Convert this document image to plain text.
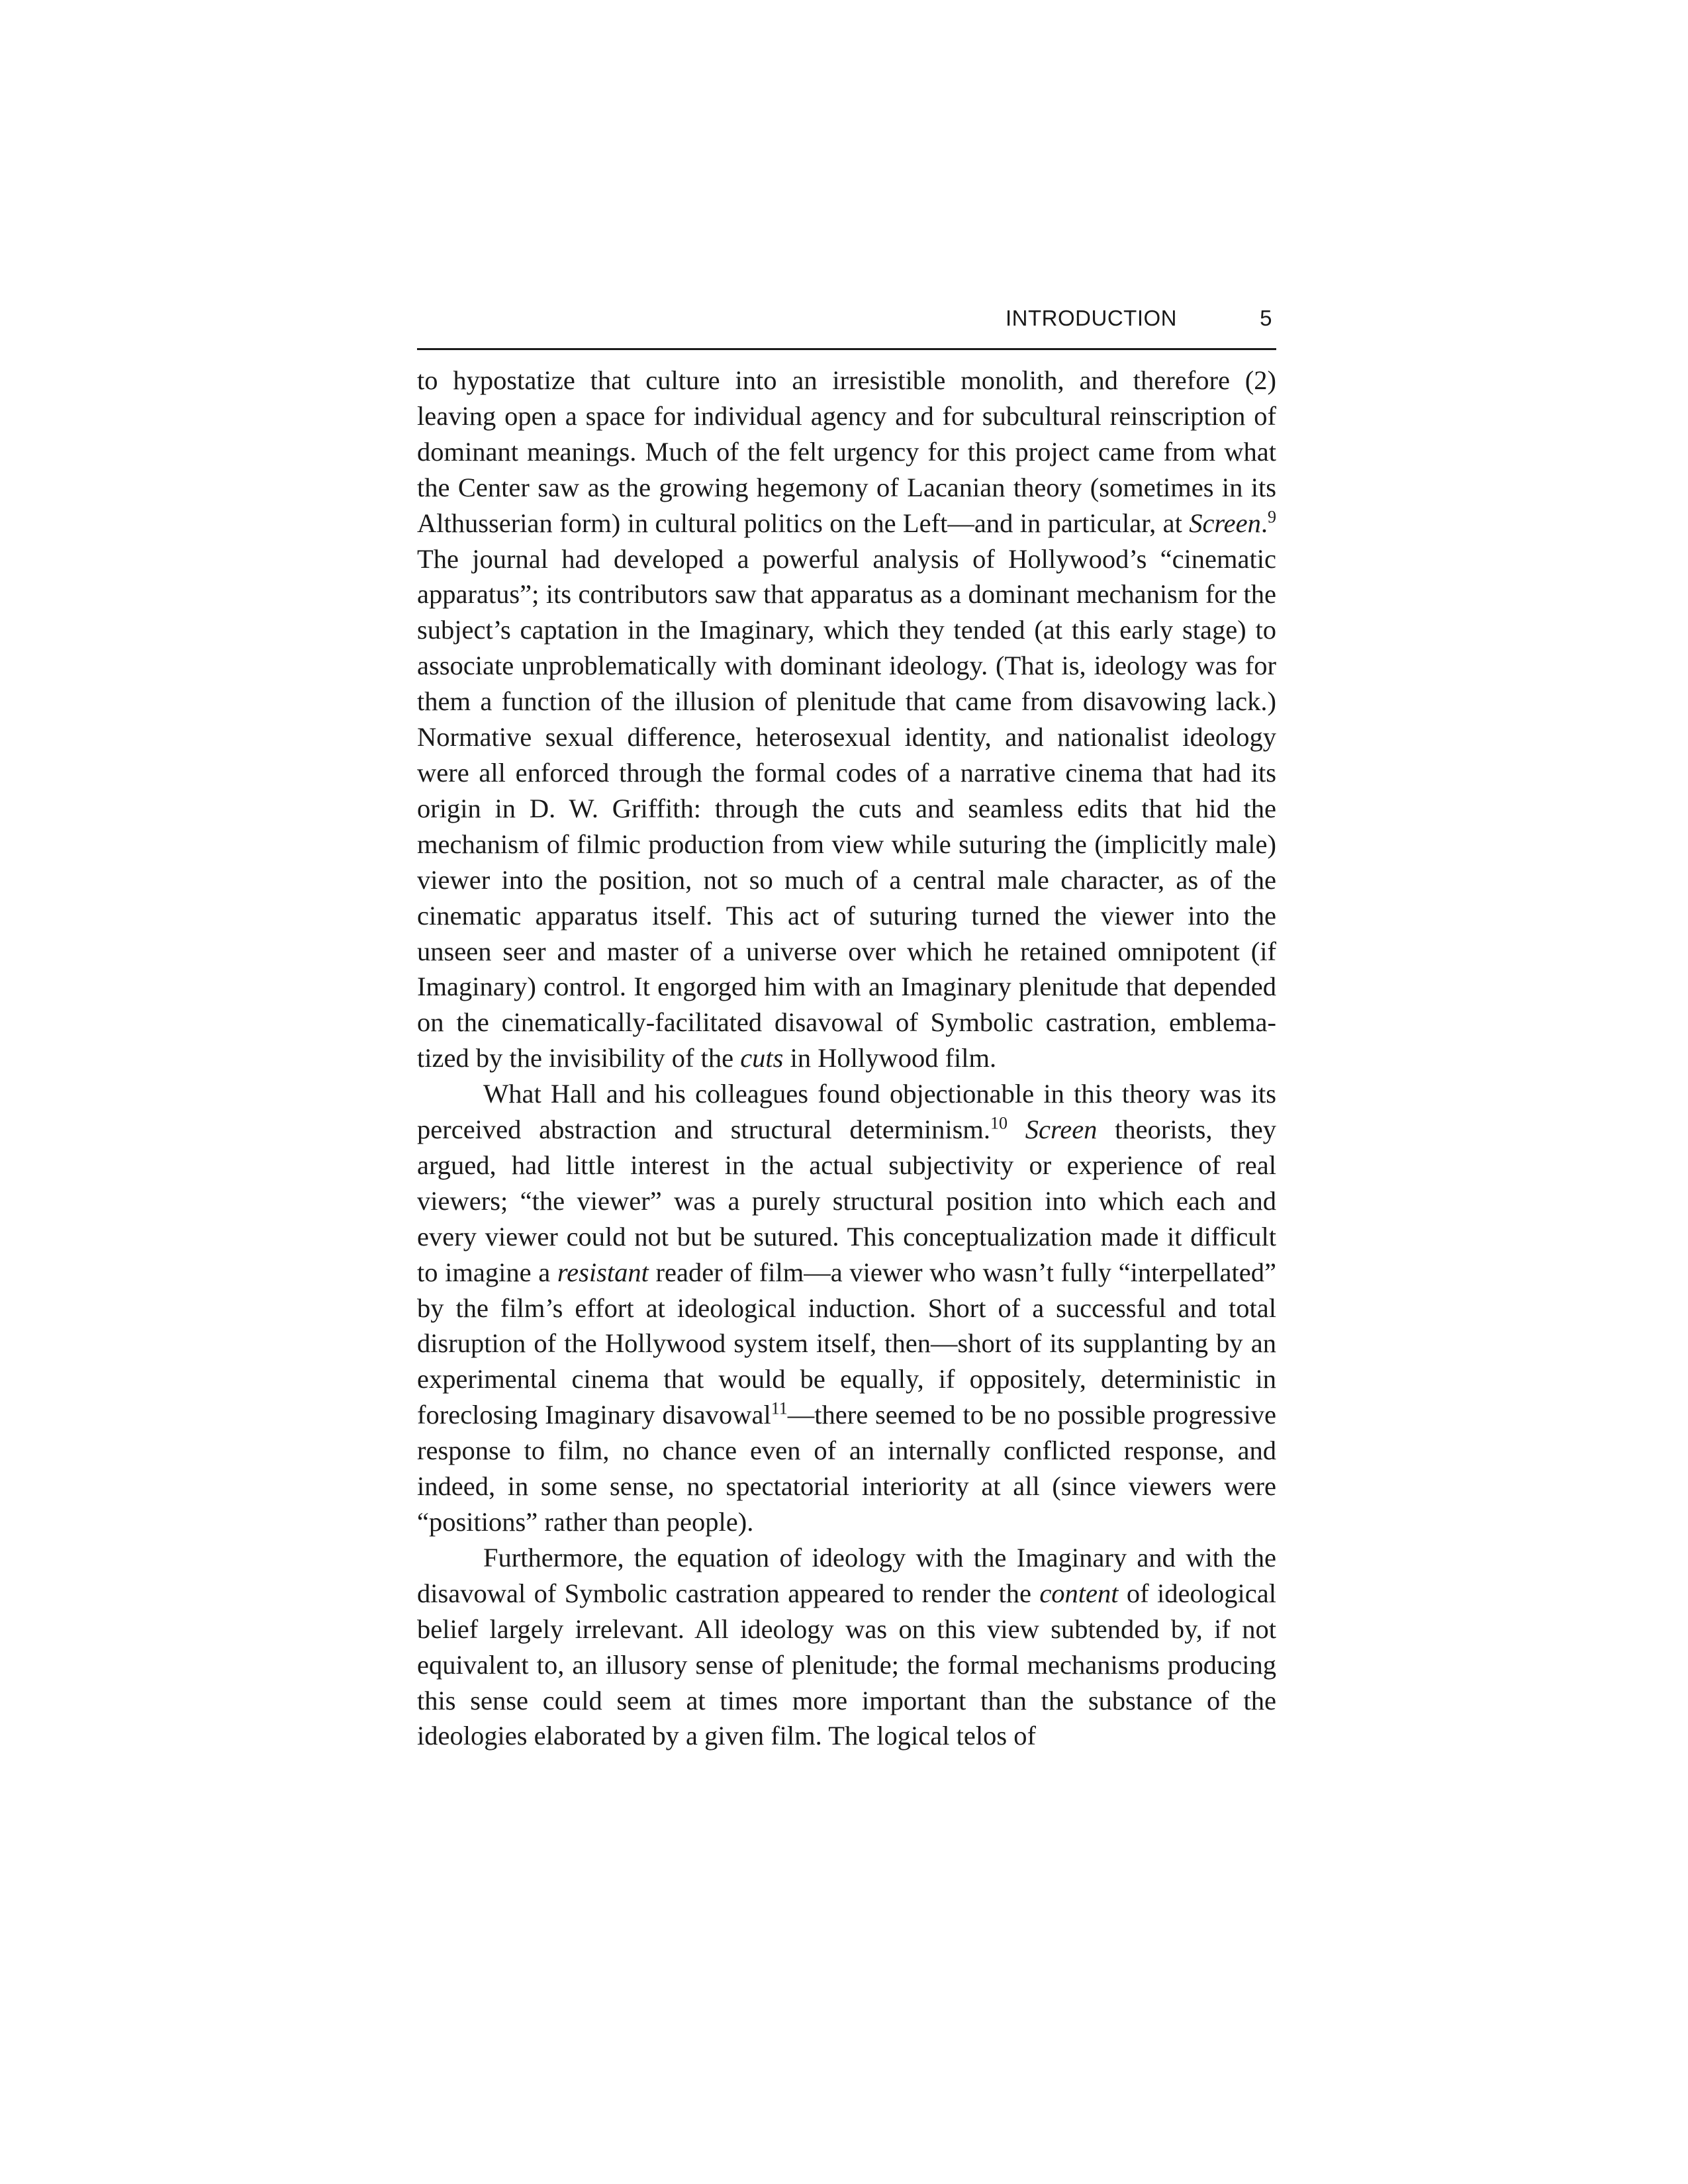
INTRODUCTION	5

to hypostatize that culture into an irresistible monolith, and therefore (2) leaving open a space for individual agency and for subcultural reinscription of dominant meanings. Much of the felt urgency for this project came from what the Center saw as the growing hegemony of Lacanian theory (sometimes in its Althusserian form) in cultural politics on the Left—and in particular, at Screen.$^9$ The journal had developed a powerful analysis of Hollywood’s “cinematic apparatus”; its contributors saw that apparatus as a dominant mechanism for the subject’s captation in the Imaginary, which they tended (at this early stage) to associate unproblematically with dominant ideology. (That is, ideology was for them a function of the illusion of plenitude that came from disavowing lack.) Normative sexual difference, heterosexual identity, and nationalist ideology were all enforced through the formal codes of a narrative cinema that had its origin in D. W. Griffith: through the cuts and seamless edits that hid the mechanism of filmic production from view while suturing the (implicitly male) viewer into the position, not so much of a central male character, as of the cinematic apparatus itself. This act of suturing turned the viewer into the unseen seer and master of a universe over which he retained omnipotent (if Imaginary) control. It engorged him with an Imaginary plenitude that depended on the cinematically-facilitated disavowal of Symbolic castration, emblematized by the invisibility of the cuts in Hollywood film.

What Hall and his colleagues found objectionable in this theory was its perceived abstraction and structural determinism.$^{10}$ Screen theorists, they argued, had little interest in the actual subjectivity or experience of real viewers; “the viewer” was a purely structural position into which each and every viewer could not but be sutured. This conceptualization made it difficult to imagine a resistant reader of film—a viewer who wasn’t fully “interpellated” by the film’s effort at ideological induction. Short of a successful and total disruption of the Hollywood system itself, then—short of its supplanting by an experimental cinema that would be equally, if oppositely, deterministic in foreclosing Imaginary disavowal$^{11}$—there seemed to be no possible progressive response to film, no chance even of an internally conflicted response, and indeed, in some sense, no spectatorial interiority at all (since viewers were “positions” rather than people).

Furthermore, the equation of ideology with the Imaginary and with the disavowal of Symbolic castration appeared to render the content of ideological belief largely irrelevant. All ideology was on this view subtended by, if not equivalent to, an illusory sense of plenitude; the formal mechanisms producing this sense could seem at times more important than the substance of the ideologies elaborated by a given film. The logical telos of
